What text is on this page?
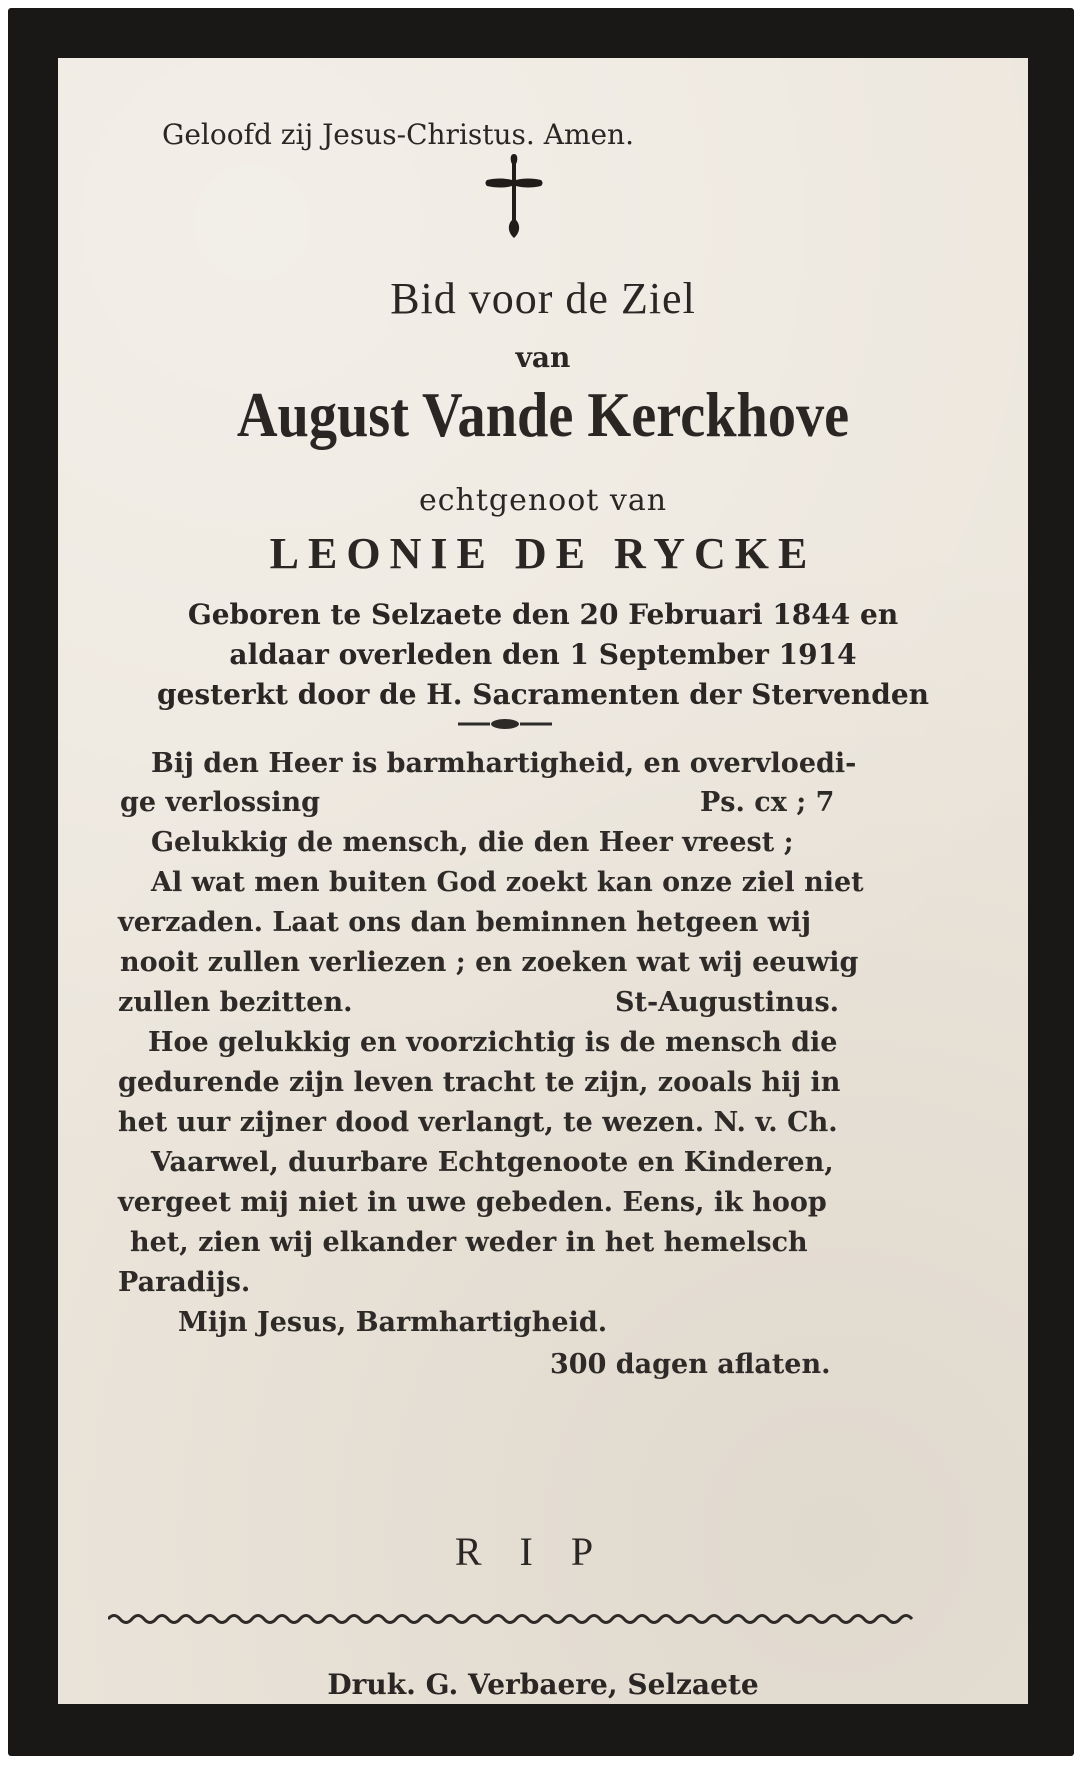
Geloofd zij Jesus-Christus. Amen.
Bid voor de Ziel
van
August Vande Kerckhove
echtgenoot van
LEONIE DE RYCKE
Geboren te Selzaete den 20 Februari 1844 en
aldaar overleden den 1 September 1914
gesterkt door de H. Sacramenten der Stervenden
Bij den Heer is barmhartigheid, en overvloedi-
ge verlossing	Ps. cx ; 7
Gelukkig de mensch, die den Heer vreest ;
Al wat men buiten God zoekt kan onze ziel niet
verzaden. Laat ons dan beminnen hetgeen wij
nooit zullen verliezen ; en zoeken wat wij eeuwig
zullen bezitten.	St-Augustinus.
Hoe gelukkig en voorzichtig is de mensch die
gedurende zijn leven tracht te zijn, zooals hij in
het uur zijner dood verlangt, te wezen. N. v. Ch.
Vaarwel, duurbare Echtgenoote en Kinderen,
vergeet mij niet in uwe gebeden. Eens, ik hoop
het, zien wij elkander weder in het hemelsch
Paradijs.
Mijn Jesus, Barmhartigheid.
300 dagen aflaten.
RIP
Druk. G. Verbaere, Selzaete
